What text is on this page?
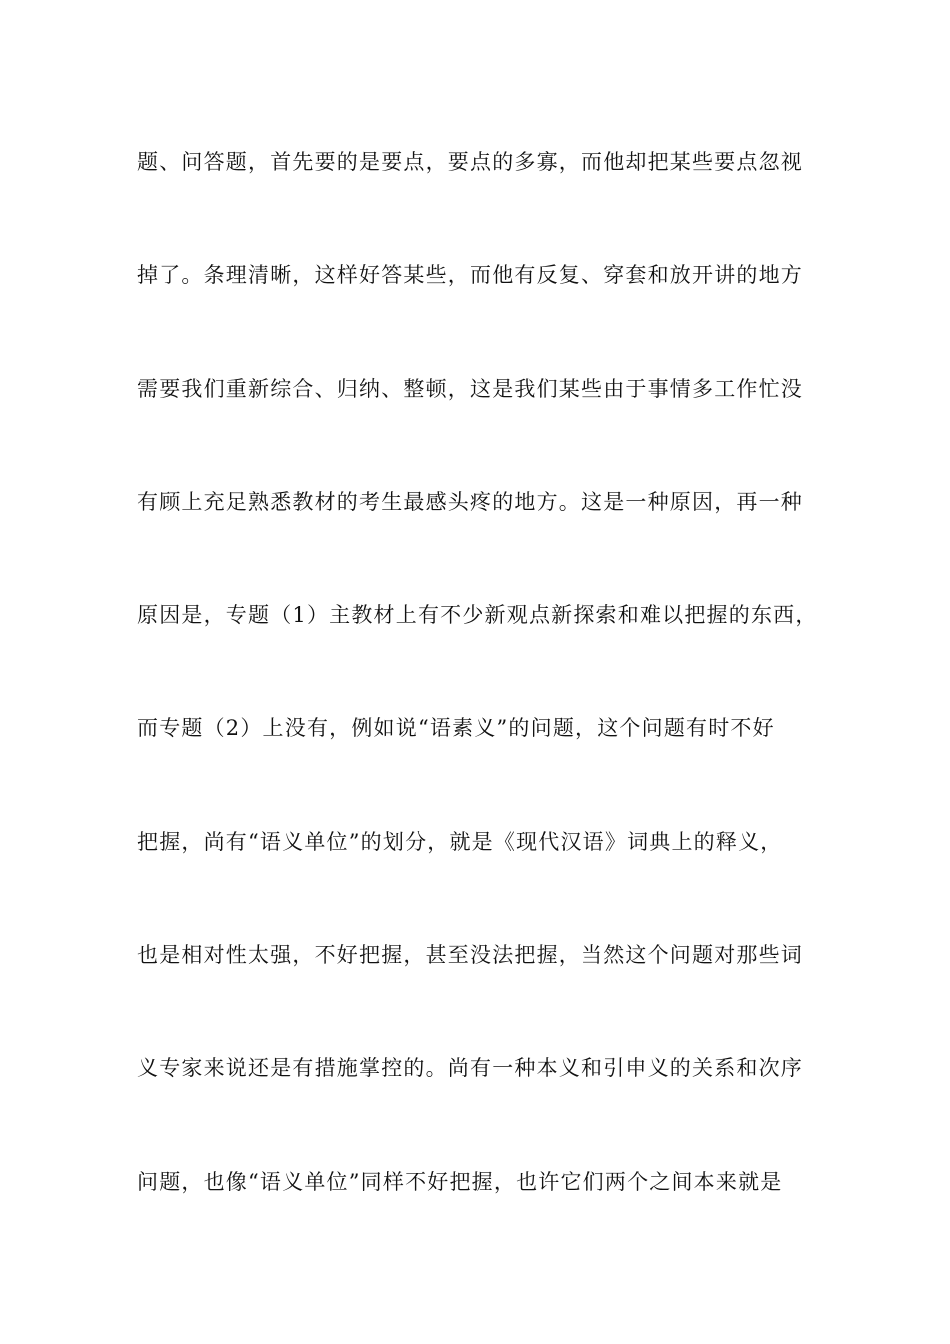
题、问答题，首先要的是要点，要点的多寡，而他却把某些要点忽视
掉了。条理清晰，这样好答某些，而他有反复、穿套和放开讲的地方
需要我们重新综合、归纳、整顿，这是我们某些由于事情多工作忙没
有顾上充足熟悉教材的考生最感头疼的地方。这是一种原因，再一种
原因是，专题（1）主教材上有不少新观点新探索和难以把握的东西，
而专题（2）上没有，例如说“语素义”的问题，这个问题有时不好
把握，尚有“语义单位”的划分，就是《现代汉语》词典上的释义，
也是相对性太强，不好把握，甚至没法把握，当然这个问题对那些词
义专家来说还是有措施掌控的。尚有一种本义和引申义的关系和次序
问题，也像“语义单位”同样不好把握，也许它们两个之间本来就是
